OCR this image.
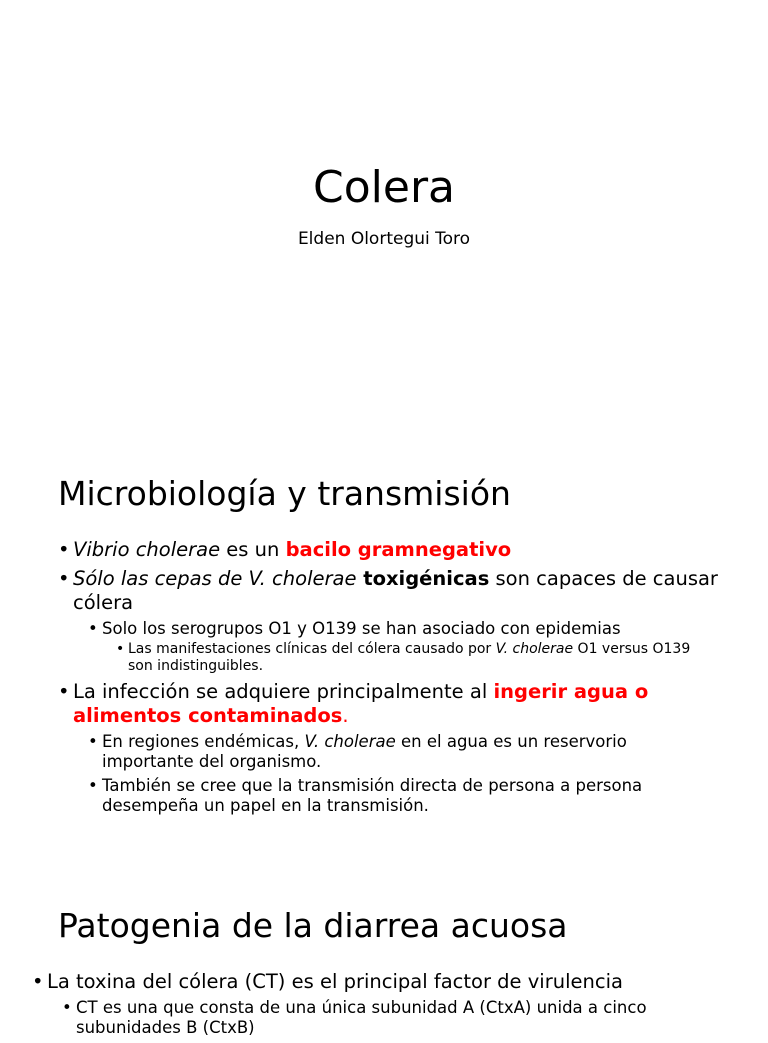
Colera

Elden Olortegui Toro

Microbiología y transmisión
• Vibrio cholerae es un bacilo gramnegativo
• Sólo las cepas de V. cholerae toxigénicas son capaces de causar cólera
• Solo los serogrupos O1 y O139 se han asociado con epidemias
• Las manifestaciones clínicas del cólera causado por V. cholerae O1 versus O139 son indistinguibles.
• La infección se adquiere principalmente al ingerir agua o alimentos contaminados.
• En regiones endémicas, V. cholerae en el agua es un reservorio importante del organismo.
• También se cree que la transmisión directa de persona a persona desempeña un papel en la transmisión.
Patogenia de la diarrea acuosa
• La toxina del cólera (CT) es el principal factor de virulencia
• CT es una que consta de una única subunidad A (CtxA) unida a cinco subunidades B (CtxB)
